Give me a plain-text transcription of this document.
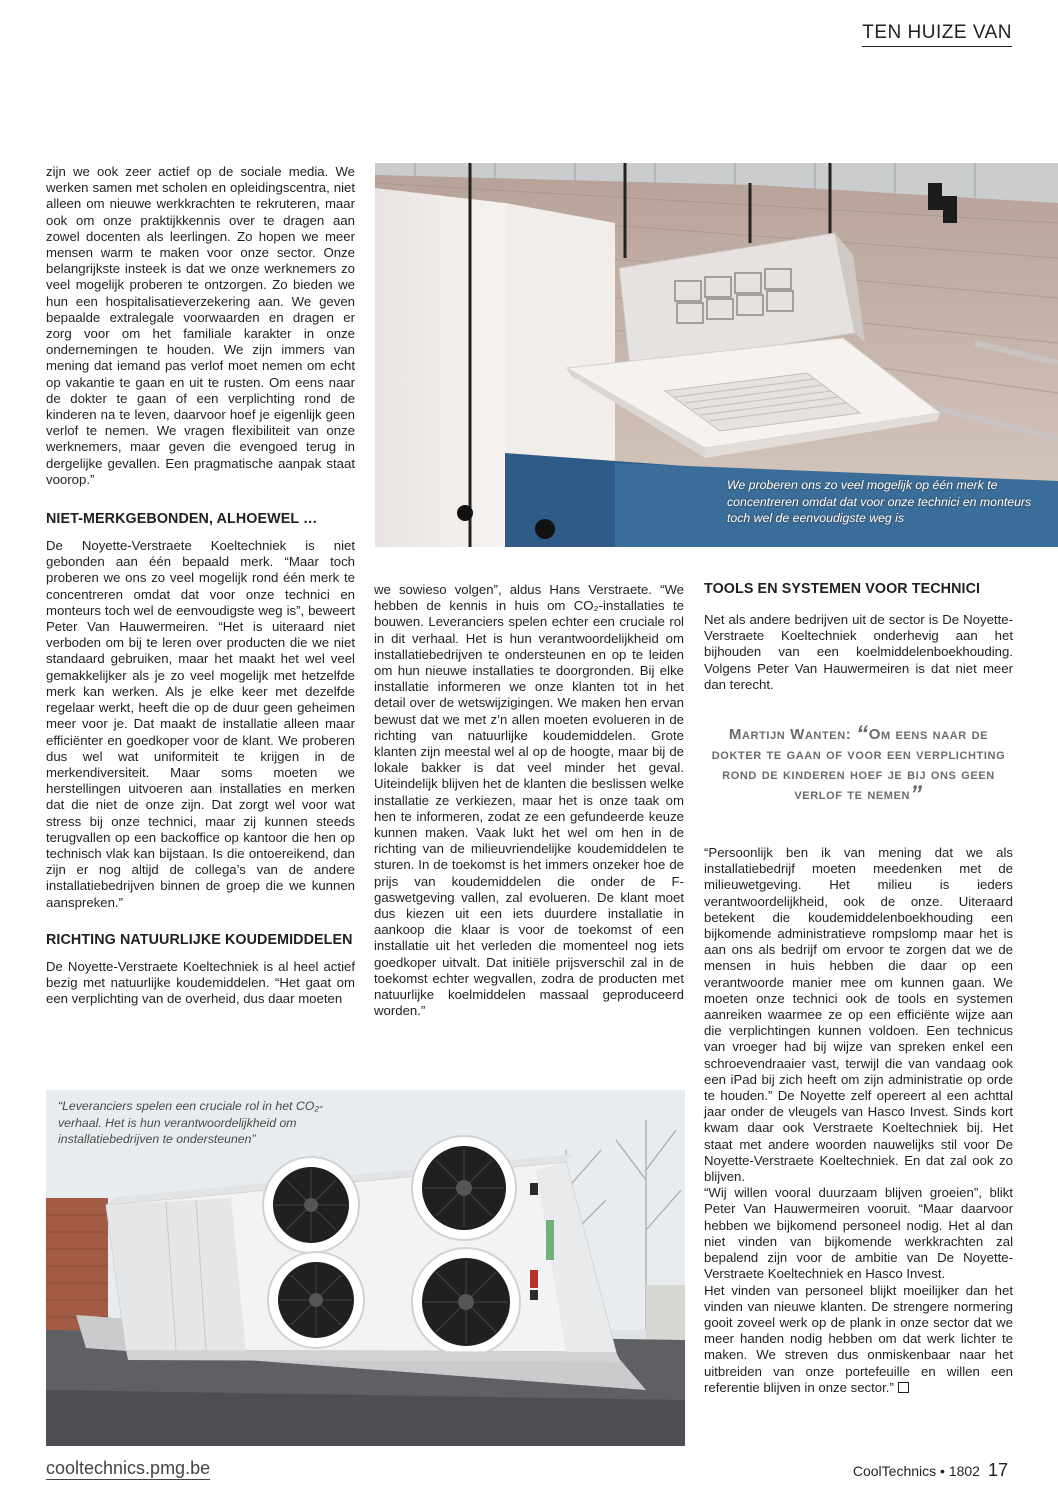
TEN HUIZE VAN

zijn we ook zeer actief op de sociale media. We werken samen met scholen en opleidingscentra, niet alleen om nieuwe werkkrachten te rekruteren, maar ook om onze praktijkkennis over te dragen aan zowel docenten als leerlingen. Zo hopen we meer mensen warm te maken voor onze sector. Onze belangrijkste insteek is dat we onze werknemers zo veel mogelijk proberen te ontzorgen. Zo bieden we hun een hospitalisatieverzekering aan. We geven bepaalde extralegale voorwaarden en dragen er zorg voor om het familiale karakter in onze ondernemingen te houden. We zijn immers van mening dat iemand pas verlof moet nemen om echt op vakantie te gaan en uit te rusten. Om eens naar de dokter te gaan of een verplichting rond de kinderen na te leven, daarvoor hoef je eigenlijk geen verlof te nemen. We vragen flexibiliteit van onze werknemers, maar geven die evengoed terug in dergelijke gevallen. Een pragmatische aanpak staat voorop.”

NIET-MERKGEBONDEN, ALHOEWEL …

De Noyette-Verstraete Koeltechniek is niet gebonden aan één bepaald merk. “Maar toch proberen we ons zo veel mogelijk rond één merk te concentreren omdat dat voor onze technici en monteurs toch wel de eenvoudigste weg is”, beweert Peter Van Hauwermeiren. “Het is uiteraard niet verboden om bij te leren over producten die we niet standaard gebruiken, maar het maakt het wel veel gemakkelijker als je zo veel mogelijk met hetzelfde merk kan werken. Als je elke keer met dezelfde regelaar werkt, heeft die op de duur geen geheimen meer voor je. Dat maakt de installatie alleen maar efficiënter en goedkoper voor de klant. We proberen dus wel wat uniformiteit te krijgen in de merkendiversiteit. Maar soms moeten we herstellingen uitvoeren aan installaties en merken dat die niet de onze zijn. Dat zorgt wel voor wat stress bij onze technici, maar zij kunnen steeds terugvallen op een backoffice op kantoor die hen op technisch vlak kan bijstaan. Is die ontoereikend, dan zijn er nog altijd de collega’s van de andere installatiebedrijven binnen de groep die we kunnen aanspreken.”

RICHTING NATUURLIJKE KOUDEMIDDELEN

De Noyette-Verstraete Koeltechniek is al heel actief bezig met natuurlijke koudemiddelen. “Het gaat om een verplichting van de overheid, dus daar moeten

we sowieso volgen”, aldus Hans Verstraete. “We hebben de kennis in huis om CO₂-installaties te bouwen. Leveranciers spelen echter een cruciale rol in dit verhaal. Het is hun verantwoordelijkheid om installatiebedrijven te ondersteunen en op te leiden om hun nieuwe installaties te doorgronden. Bij elke installatie informeren we onze klanten tot in het detail over de wetswijzigingen. We maken hen ervan bewust dat we met z’n allen moeten evolueren in de richting van natuurlijke koudemiddelen. Grote klanten zijn meestal wel al op de hoogte, maar bij de lokale bakker is dat veel minder het geval. Uiteindelijk blijven het de klanten die beslissen welke installatie ze verkiezen, maar het is onze taak om hen te informeren, zodat ze een gefundeerde keuze kunnen maken. Vaak lukt het wel om hen in de richting van de milieuvriendelijke koudemiddelen te sturen. In de toekomst is het immers onzeker hoe de prijs van koudemiddelen die onder de F-gaswetgeving vallen, zal evolueren. De klant moet dus kiezen uit een iets duurdere installatie in aankoop die klaar is voor de toekomst of een installatie uit het verleden die momenteel nog iets goedkoper uitvalt. Dat initiële prijsverschil zal in de toekomst echter wegvallen, zodra de producten met natuurlijke koelmiddelen massaal geproduceerd worden.”

TOOLS EN SYSTEMEN VOOR TECHNICI

Net als andere bedrijven uit de sector is De Noyette-Verstraete Koeltechniek onderhevig aan het bijhouden van een koelmiddelenboekhouding. Volgens Peter Van Hauwermeiren is dat niet meer dan terecht.

Martijn Wanten: “Om eens naar de dokter te gaan of voor een verplichting rond de kinderen hoef je bij ons geen verlof te nemen”

“Persoonlijk ben ik van mening dat we als installatiebedrijf moeten meedenken met de milieuwetgeving. Het milieu is ieders verantwoordelijkheid, ook de onze. Uiteraard betekent die koudemiddelenboekhouding een bijkomende administratieve rompslomp maar het is aan ons als bedrijf om ervoor te zorgen dat we de mensen in huis hebben die daar op een verantwoorde manier mee om kunnen gaan. We moeten onze technici ook de tools en systemen aanreiken waarmee ze op een efficiënte wijze aan die verplichtingen kunnen voldoen. Een technicus van vroeger had bij wijze van spreken enkel een schroevendraaier vast, terwijl die van vandaag ook een iPad bij zich heeft om zijn administratie op orde te houden.” De Noyette zelf opereert al een achttal jaar onder de vleugels van Hasco Invest. Sinds kort kwam daar ook Verstraete Koeltechniek bij. Het staat met andere woorden nauwelijks stil voor De Noyette-Verstraete Koeltechniek. En dat zal ook zo blijven.

“Wij willen vooral duurzaam blijven groeien”, blikt Peter Van Hauwermeiren vooruit. “Maar daarvoor hebben we bijkomend personeel nodig. Het al dan niet vinden van bijkomende werkkrachten zal bepalend zijn voor de ambitie van De Noyette-Verstraete Koeltechniek en Hasco Invest.

Het vinden van personeel blijkt moeilijker dan het vinden van nieuwe klanten. De strengere normering gooit zoveel werk op de plank in onze sector dat we meer handen nodig hebben om dat werk lichter te maken. We streven dus onmiskenbaar naar het uitbreiden van onze portefeuille en willen een referentie blijven in onze sector.”

We proberen ons zo veel mogelijk op één merk te concentreren omdat dat voor onze technici en monteurs toch wel de eenvoudigste weg is
“Leveranciers spelen een cruciale rol in het CO₂-verhaal. Het is hun verantwoordelijkheid om installatiebedrijven te ondersteunen”
cooltechnics.pmg.be	CoolTechnics • 1802 17
